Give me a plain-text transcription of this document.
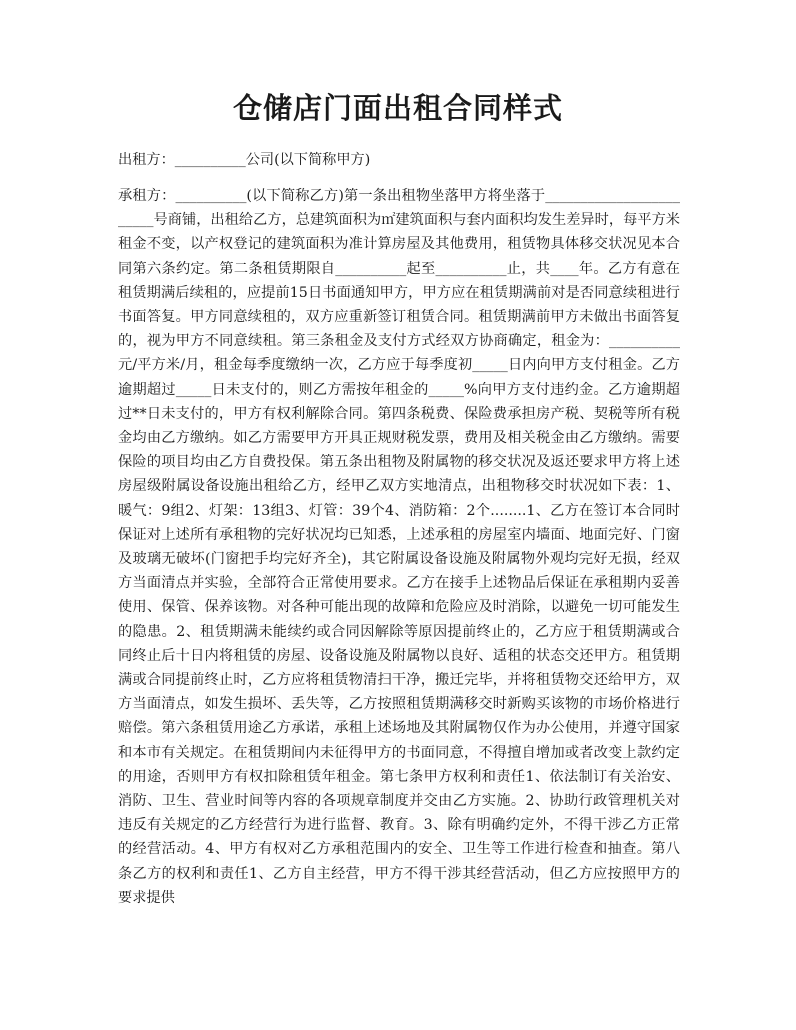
仓储店门面出租合同样式

出租方：__________公司(以下简称甲方)

承租方：__________(以下简称乙方)第一条出租物坐落甲方将坐落于________________________号商铺，出租给乙方，总建筑面积为㎡建筑面积与套内面积均发生差异时，每平方米租金不变，以产权登记的建筑面积为准计算房屋及其他费用，租赁物具体移交状况见本合同第六条约定。第二条租赁期限自__________起至__________止，共____年。乙方有意在租赁期满后续租的，应提前15日书面通知甲方，甲方应在租赁期满前对是否同意续租进行书面答复。甲方同意续租的，双方应重新签订租赁合同。租赁期满前甲方未做出书面答复的，视为甲方不同意续租。第三条租金及支付方式经双方协商确定，租金为：__________元/平方米/月，租金每季度缴纳一次，乙方应于每季度初_____日内向甲方支付租金。乙方逾期超过_____日未支付的，则乙方需按年租金的_____%向甲方支付违约金。乙方逾期超过**日未支付的，甲方有权利解除合同。第四条税费、保险费承担房产税、契税等所有税金均由乙方缴纳。如乙方需要甲方开具正规财税发票，费用及相关税金由乙方缴纳。需要保险的项目均由乙方自费投保。第五条出租物及附属物的移交状况及返还要求甲方将上述房屋级附属设备设施出租给乙方，经甲乙双方实地清点，出租物移交时状况如下表：1、暖气：9组2、灯架：13组3、灯管：39个4、消防箱：2个........1、乙方在签订本合同时保证对上述所有承租物的完好状况均已知悉，上述承租的房屋室内墙面、地面完好、门窗及玻璃无破坏(门窗把手均完好齐全)，其它附属设备设施及附属物外观均完好无损，经双方当面清点并实验，全部符合正常使用要求。乙方在接手上述物品后保证在承租期内妥善使用、保管、保养该物。对各种可能出现的故障和危险应及时消除，以避免一切可能发生的隐患。2、租赁期满未能续约或合同因解除等原因提前终止的，乙方应于租赁期满或合同终止后十日内将租赁的房屋、设备设施及附属物以良好、适租的状态交还甲方。租赁期满或合同提前终止时，乙方应将租赁物清扫干净，搬迁完毕，并将租赁物交还给甲方，双方当面清点，如发生损坏、丢失等，乙方按照租赁期满移交时新购买该物的市场价格进行赔偿。第六条租赁用途乙方承诺，承租上述场地及其附属物仅作为办公使用，并遵守国家和本市有关规定。在租赁期间内未征得甲方的书面同意，不得擅自增加或者改变上款约定的用途，否则甲方有权扣除租赁年租金。第七条甲方权利和责任1、依法制订有关治安、消防、卫生、营业时间等内容的各项规章制度并交由乙方实施。2、协助行政管理机关对违反有关规定的乙方经营行为进行监督、教育。3、除有明确约定外，不得干涉乙方正常的经营活动。4、甲方有权对乙方承租范围内的安全、卫生等工作进行检查和抽查。第八条乙方的权利和责任1、乙方自主经营，甲方不得干涉其经营活动，但乙方应按照甲方的要求提供
